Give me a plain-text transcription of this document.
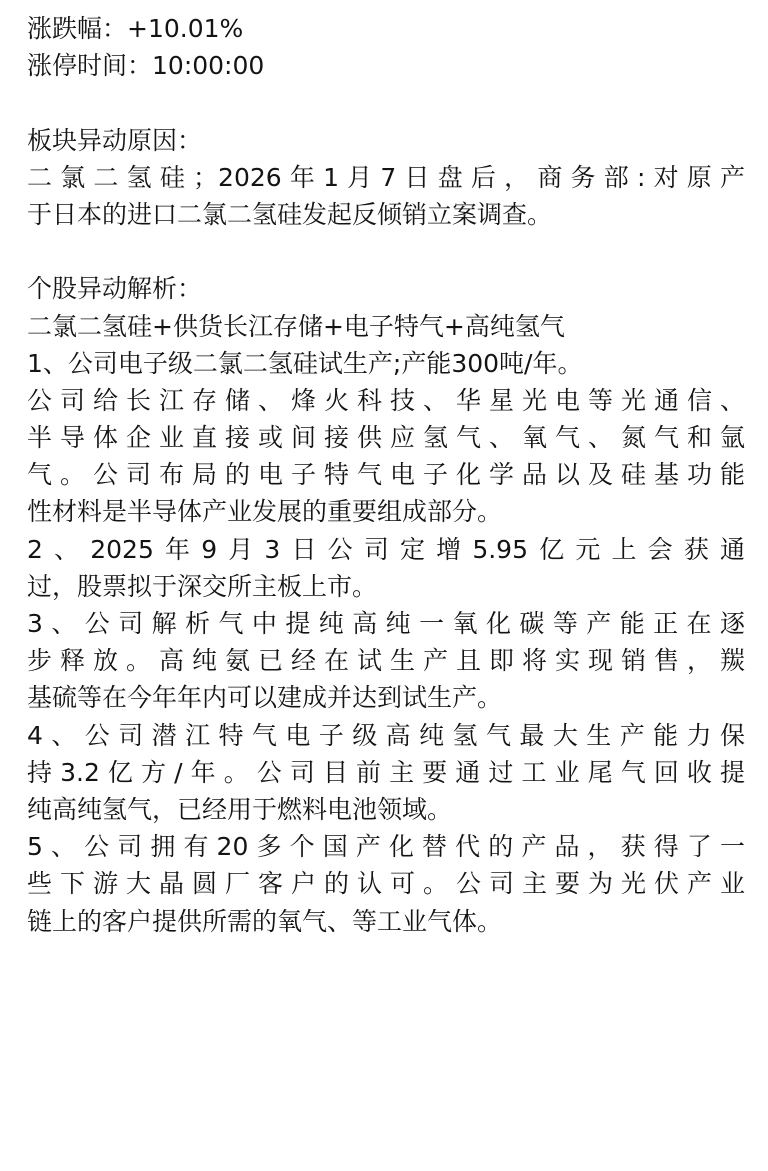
涨跌幅：+10.01%
涨停时间：10:00:00
板块异动原因：
二氯二氢硅；2026年1月7日盘后，商务部:对原产
于日本的进口二氯二氢硅发起反倾销立案调查。
个股异动解析：
二氯二氢硅+供货长江存储+电子特气+高纯氢气
1、公司电子级二氯二氢硅试生产;产能300吨/年。
公司给长江存储、烽火科技、华星光电等光通信、
半导体企业直接或间接供应氢气、氧气、氮气和氩
气。公司布局的电子特气电子化学品以及硅基功能
性材料是半导体产业发展的重要组成部分。
2、2025年9月3日公司定增5.95亿元上会获通
过，股票拟于深交所主板上市。
3、公司解析气中提纯高纯一氧化碳等产能正在逐
步释放。高纯氨已经在试生产且即将实现销售，羰
基硫等在今年年内可以建成并达到试生产。
4、公司潜江特气电子级高纯氢气最大生产能力保
持3.2亿方/年。公司目前主要通过工业尾气回收提
纯高纯氢气，已经用于燃料电池领域。
5、公司拥有20多个国产化替代的产品，获得了一
些下游大晶圆厂客户的认可。公司主要为光伏产业
链上的客户提供所需的氧气、等工业气体。
